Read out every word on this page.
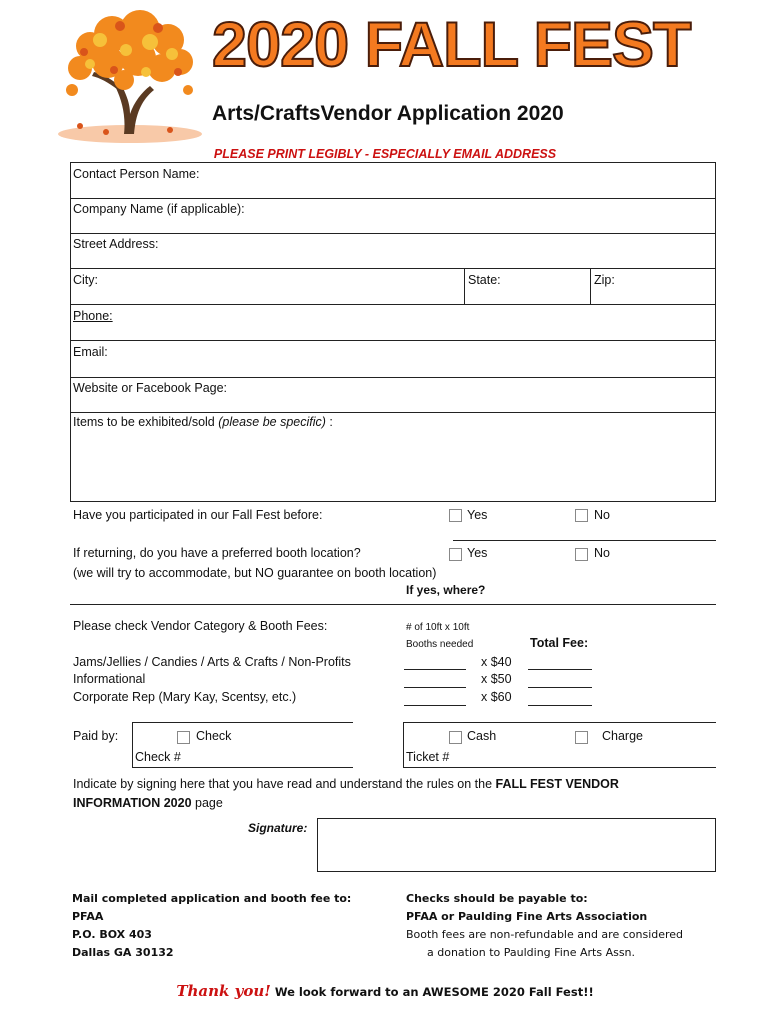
2020 FALL FEST
Arts/CraftsVendor Application 2020
PLEASE PRINT LEGIBLY - ESPECIALLY EMAIL ADDRESS
Contact Person Name:
Company Name (if applicable):
Street Address:
City:	State:	Zip:
Phone:
Email:
Website or Facebook Page:
Items to be exhibited/sold (please be specific) :
Have you participated in our Fall Fest before:	Yes	No
If returning, do you have a preferred booth location?	Yes	No
(we will try to accommodate, but NO guarantee on booth location)
If yes, where?
Please check Vendor Category & Booth Fees:	# of 10ft x 10ft
Booths needed	Total Fee:
Jams/Jellies / Candies / Arts & Crafts / Non-Profits	x $40
Informational	x $50
Corporate Rep (Mary Kay, Scentsy, etc.)	x $60
Paid by:	Check
Check #
Cash	Charge
Ticket #
Indicate by signing here that you have read and understand the rules on the FALL FEST VENDOR INFORMATION 2020 page
Signature:
Mail completed application and booth fee to:
PFAA
P.O. BOX 403
Dallas GA 30132
Checks should be payable to:
PFAA or Paulding Fine Arts Association
Booth fees are non-refundable and are considered
a donation to Paulding Fine Arts Assn.
Thank you! We look forward to an AWESOME 2020 Fall Fest!!
